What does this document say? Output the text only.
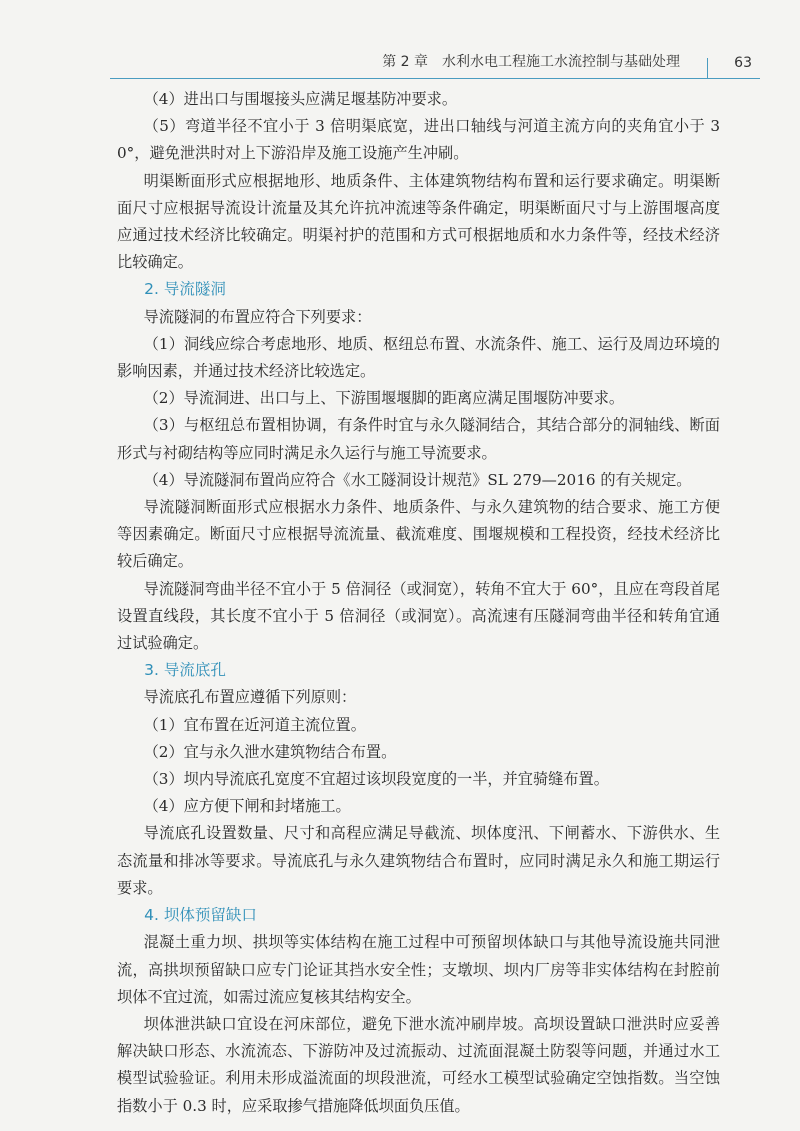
第 2 章 水利水电工程施工水流控制与基础处理	63

（4）进出口与围堰接头应满足堰基防冲要求。

（5）弯道半径不宜小于 3 倍明渠底宽，进出口轴线与河道主流方向的夹角宜小于 30°，避免泄洪时对上下游沿岸及施工设施产生冲刷。

明渠断面形式应根据地形、地质条件、主体建筑物结构布置和运行要求确定。明渠断面尺寸应根据导流设计流量及其允许抗冲流速等条件确定，明渠断面尺寸与上游围堰高度应通过技术经济比较确定。明渠衬护的范围和方式可根据地质和水力条件等，经技术经济比较确定。

2. 导流隧洞

导流隧洞的布置应符合下列要求：

（1）洞线应综合考虑地形、地质、枢纽总布置、水流条件、施工、运行及周边环境的影响因素，并通过技术经济比较选定。

（2）导流洞进、出口与上、下游围堰堰脚的距离应满足围堰防冲要求。

（3）与枢纽总布置相协调，有条件时宜与永久隧洞结合，其结合部分的洞轴线、断面形式与衬砌结构等应同时满足永久运行与施工导流要求。

（4）导流隧洞布置尚应符合《水工隧洞设计规范》SL 279—2016 的有关规定。

导流隧洞断面形式应根据水力条件、地质条件、与永久建筑物的结合要求、施工方便等因素确定。断面尺寸应根据导流流量、截流难度、围堰规模和工程投资，经技术经济比较后确定。

导流隧洞弯曲半径不宜小于 5 倍洞径（或洞宽），转角不宜大于 60°，且应在弯段首尾设置直线段，其长度不宜小于 5 倍洞径（或洞宽）。高流速有压隧洞弯曲半径和转角宜通过试验确定。

3. 导流底孔

导流底孔布置应遵循下列原则：

（1）宜布置在近河道主流位置。

（2）宜与永久泄水建筑物结合布置。

（3）坝内导流底孔宽度不宜超过该坝段宽度的一半，并宜骑缝布置。

（4）应方便下闸和封堵施工。

导流底孔设置数量、尺寸和高程应满足导截流、坝体度汛、下闸蓄水、下游供水、生态流量和排冰等要求。导流底孔与永久建筑物结合布置时，应同时满足永久和施工期运行要求。

4. 坝体预留缺口

混凝土重力坝、拱坝等实体结构在施工过程中可预留坝体缺口与其他导流设施共同泄流，高拱坝预留缺口应专门论证其挡水安全性；支墩坝、坝内厂房等非实体结构在封腔前坝体不宜过流，如需过流应复核其结构安全。

坝体泄洪缺口宜设在河床部位，避免下泄水流冲刷岸坡。高坝设置缺口泄洪时应妥善解决缺口形态、水流流态、下游防冲及过流振动、过流面混凝土防裂等问题，并通过水工模型试验验证。利用未形成溢流面的坝段泄流，可经水工模型试验确定空蚀指数。当空蚀指数小于 0.3 时，应采取掺气措施降低坝面负压值。
